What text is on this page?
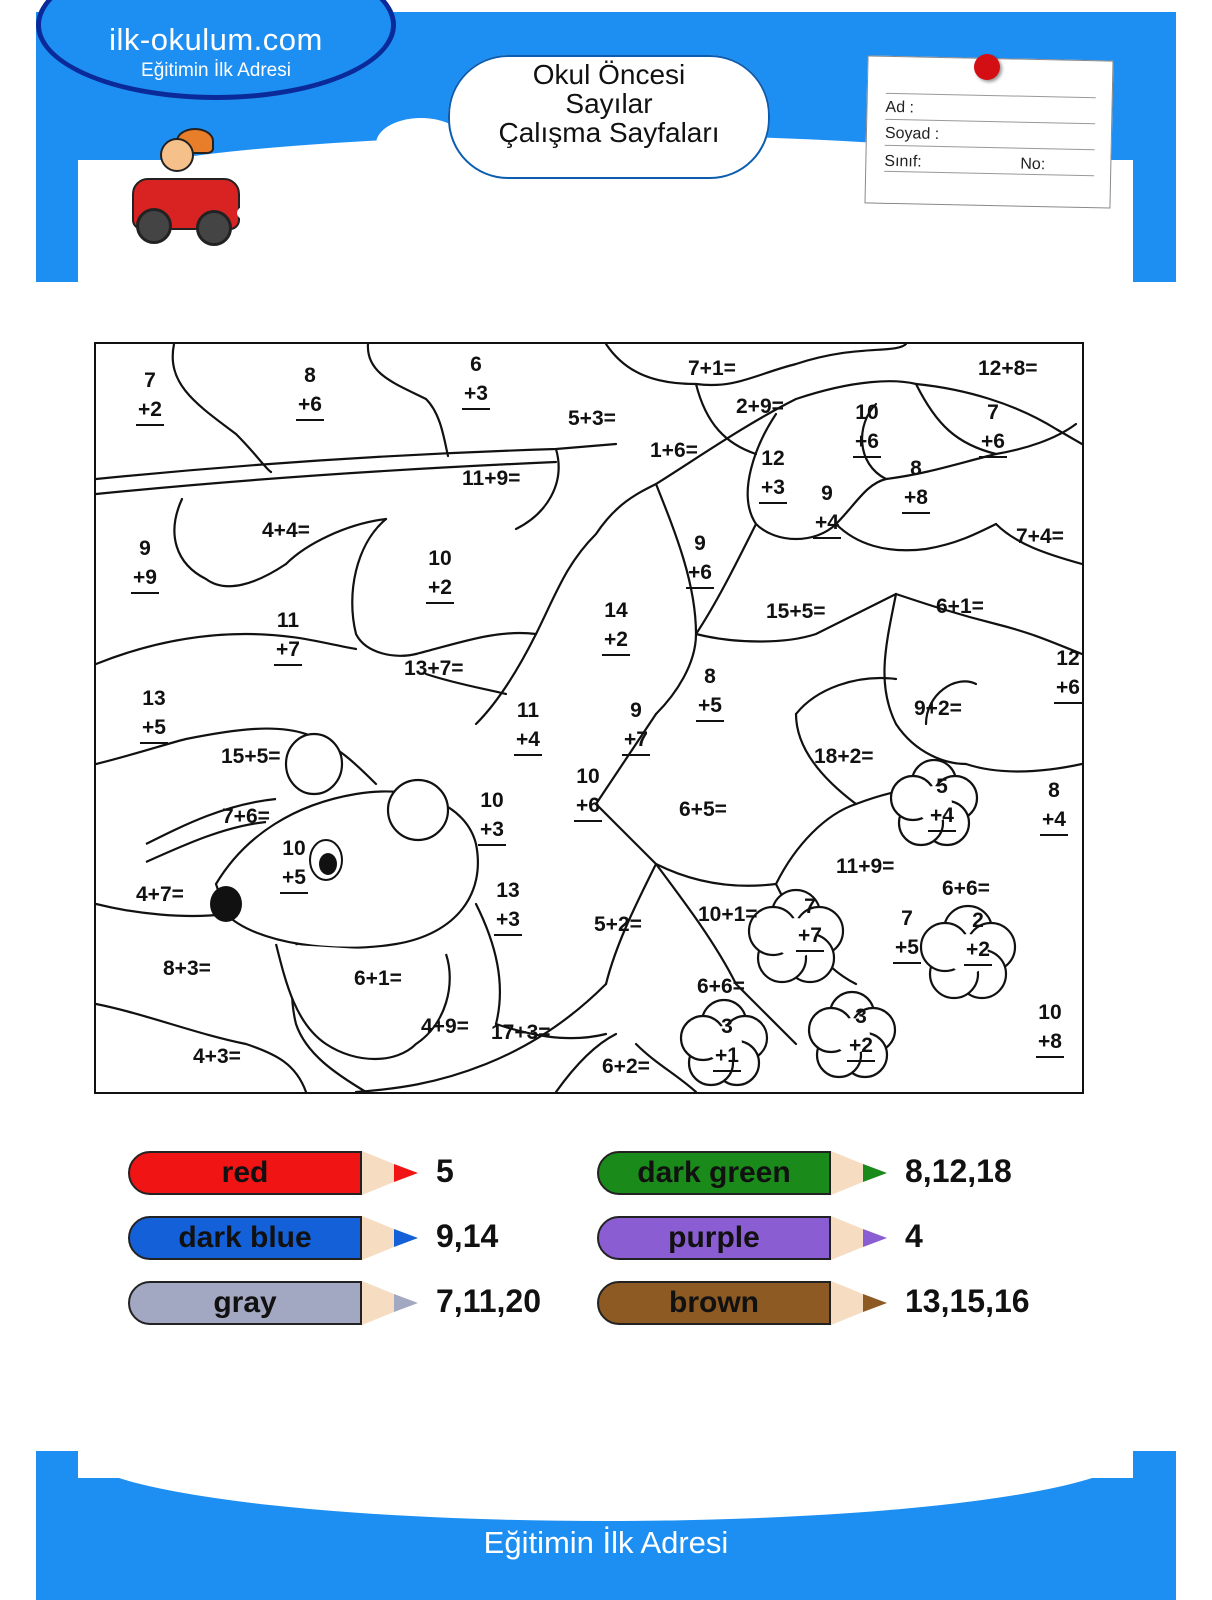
ilk-okulum.com
Eğitimin İlk Adresi	Okul Öncesi
Sayılar
Çalışma Sayfaları
Ad :
Soyad :
Sınıf:	No:
7
+2
8
+6
6
+3
5+3=
7+1=
2+9=
12+8=
10
+6
7
+6
1+6=
11+9=
12
+3
8
+8
9
+4
4+4=
9
+9
10
+2
9
+6
7+4=
11
+7
14
+2
15+5=	6+1=
13+7=	12
+6
13
+5
8
+5
11
+4
9
+7
9+2=
15+5=	18+2=
10
+3
10
+6
5
+4
8
+4
7+6=
10
+5
6+5=
11+9=
4+7=	13
+3
6+6=
5+2=	10+1=	7
+7
7
+5
2
+2
8+3=	6+1=	6+6=
10
+8
4+9= 17+3=	3
+1
3
+2
4+3=	6+2=
red	5	dark green	8,12,18
dark blue	9,14	purple	4
gray	7,11,20	brown	13,15,16
ilk-okulum.com
Eğitimin İlk Adresi
